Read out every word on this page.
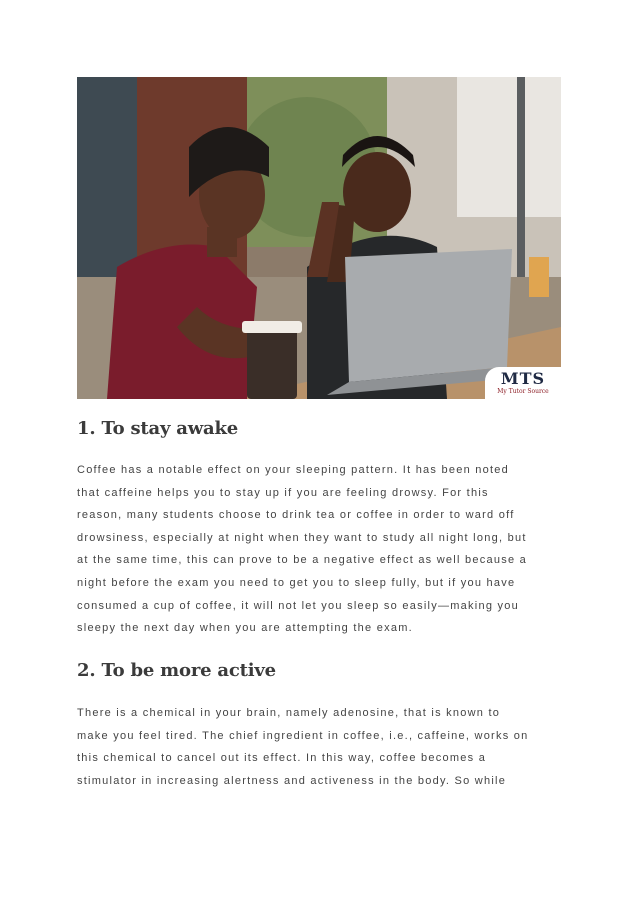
MTS
My Tutor Source
1. To stay awake

Coffee has a notable effect on your sleeping pattern. It has been noted
that caffeine helps you to stay up if you are feeling drowsy. For this
reason, many students choose to drink tea or coffee in order to ward off
drowsiness, especially at night when they want to study all night long, but
at the same time, this can prove to be a negative effect as well because a
night before the exam you need to get you to sleep fully, but if you have
consumed a cup of coffee, it will not let you sleep so easily—making you
sleepy the next day when you are attempting the exam.

2. To be more active

There is a chemical in your brain, namely adenosine, that is known to
make you feel tired. The chief ingredient in coffee, i.e., caffeine, works on
this chemical to cancel out its effect. In this way, coffee becomes a
stimulator in increasing alertness and activeness in the body. So while
